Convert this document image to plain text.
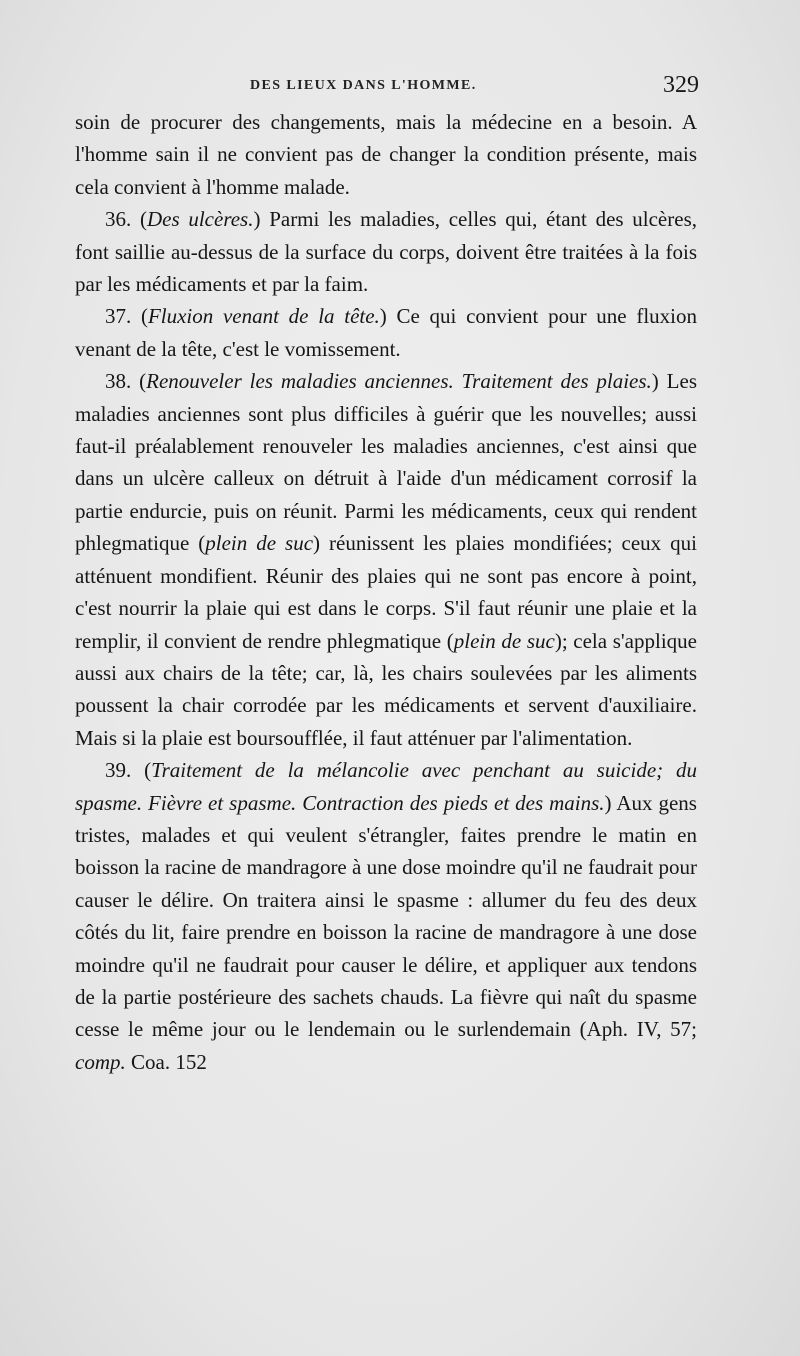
DES LIEUX DANS L'HOMME.	329

soin de procurer des changements, mais la médecine en a besoin. A l'homme sain il ne convient pas de changer la condition présente, mais cela convient à l'homme malade.

36. (Des ulcères.) Parmi les maladies, celles qui, étant des ulcères, font saillie au-dessus de la surface du corps, doivent être traitées à la fois par les médicaments et par la faim.

37. (Fluxion venant de la tête.) Ce qui convient pour une fluxion venant de la tête, c'est le vomissement.

38. (Renouveler les maladies anciennes. Traitement des plaies.) Les maladies anciennes sont plus difficiles à guérir que les nouvelles; aussi faut-il préalablement renouveler les maladies anciennes, c'est ainsi que dans un ulcère calleux on détruit à l'aide d'un médicament corrosif la partie endurcie, puis on réunit. Parmi les médicaments, ceux qui rendent phlegmatique (plein de suc) réunissent les plaies mondifiées; ceux qui atténuent mondifient. Réunir des plaies qui ne sont pas encore à point, c'est nourrir la plaie qui est dans le corps. S'il faut réunir une plaie et la remplir, il convient de rendre phlegmatique (plein de suc); cela s'applique aussi aux chairs de la tête; car, là, les chairs soulevées par les aliments poussent la chair corrodée par les médicaments et servent d'auxiliaire. Mais si la plaie est boursoufflée, il faut atténuer par l'alimentation.

39. (Traitement de la mélancolie avec penchant au suicide; du spasme. Fièvre et spasme. Contraction des pieds et des mains.) Aux gens tristes, malades et qui veulent s'étrangler, faites prendre le matin en boisson la racine de mandragore à une dose moindre qu'il ne faudrait pour causer le délire. On traitera ainsi le spasme : allumer du feu des deux côtés du lit, faire prendre en boisson la racine de mandragore à une dose moindre qu'il ne faudrait pour causer le délire, et appliquer aux tendons de la partie postérieure des sachets chauds. La fièvre qui naît du spasme cesse le même jour ou le lendemain ou le surlendemain (Aph. IV, 57; comp. Coa. 152
